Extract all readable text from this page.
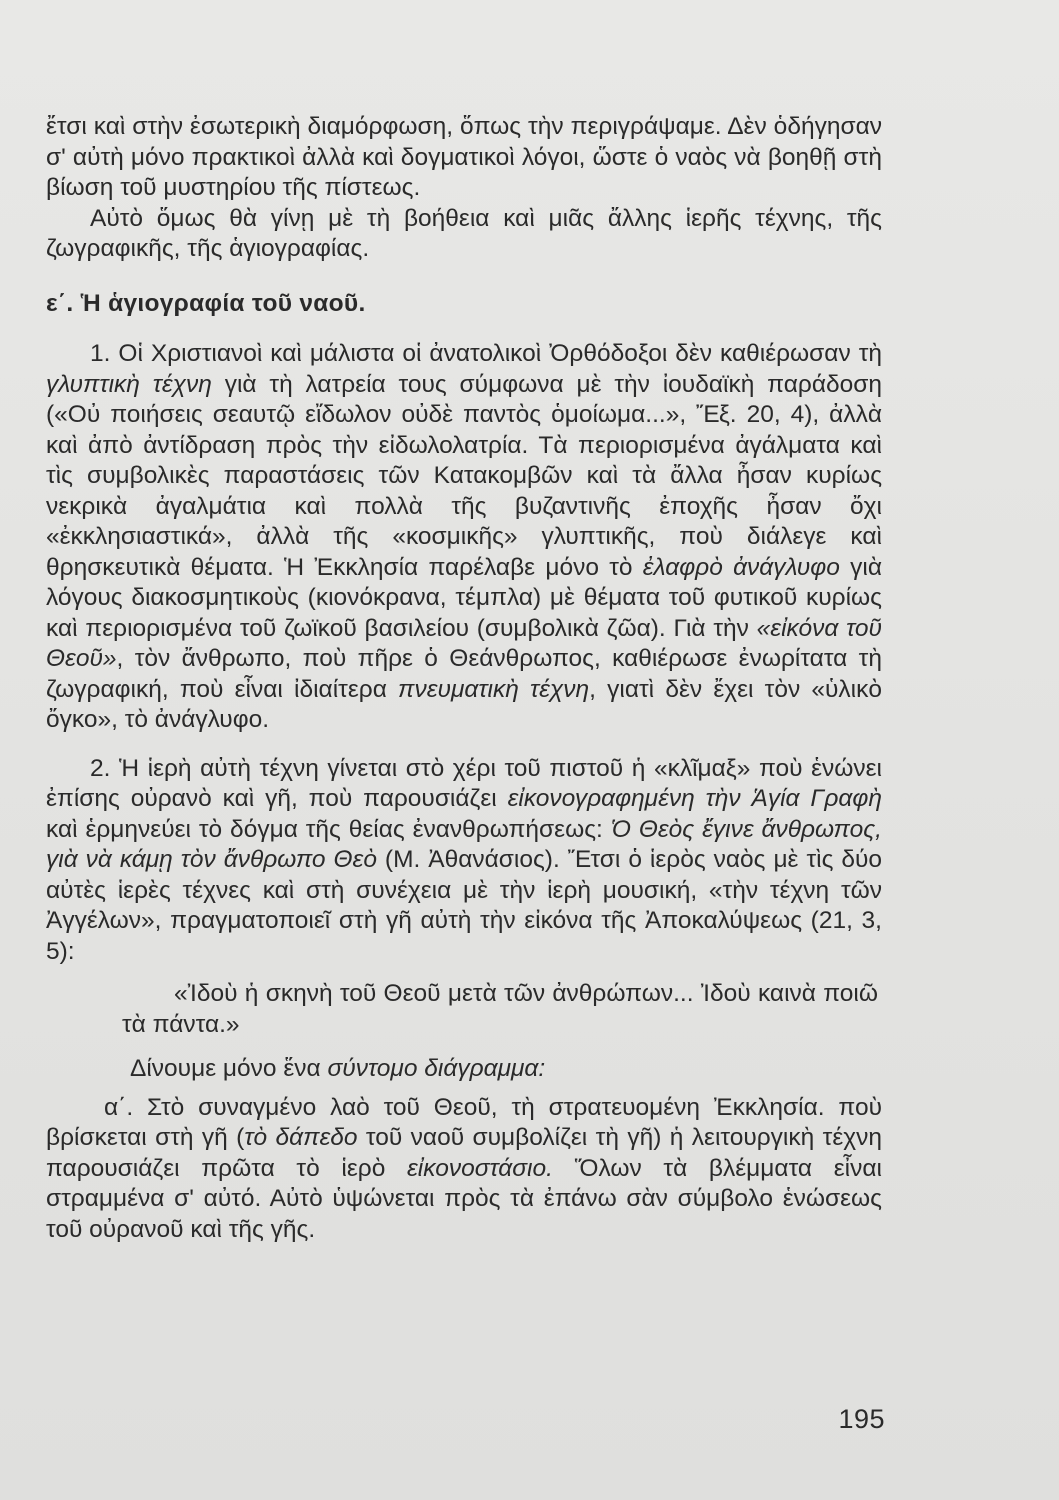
ἔτσι καὶ στὴν ἐσωτερικὴ διαμόρφωση, ὅπως τὴν περιγράψαμε. Δὲν ὁδήγησαν σ' αὐτὴ μόνο πρακτικοὶ ἀλλὰ καὶ δογματικοὶ λόγοι, ὥστε ὁ ναὸς νὰ βοηθῇ στὴ βίωση τοῦ μυστηρίου τῆς πίστεως.

Αὐτὸ ὅμως θὰ γίνῃ μὲ τὴ βοήθεια καὶ μιᾶς ἄλλης ἱερῆς τέχνης, τῆς ζωγραφικῆς, τῆς ἁγιογραφίας.

ε΄. Ἡ ἁγιογραφία τοῦ ναοῦ.

1. Οἱ Χριστιανοὶ καὶ μάλιστα οἱ ἀνατολικοὶ Ὀρθόδοξοι δὲν καθιέρωσαν τὴ γλυπτικὴ τέχνη γιὰ τὴ λατρεία τους σύμφωνα μὲ τὴν ἰουδαϊκὴ παράδοση («Οὐ ποιήσεις σεαυτῷ εἴδωλον οὐδὲ παντὸς ὁμοίωμα...», Ἔξ. 20, 4), ἀλλὰ καὶ ἀπὸ ἀντίδραση πρὸς τὴν εἰδωλολατρία. Τὰ περιορισμένα ἀγάλματα καὶ τὶς συμβολικὲς παραστάσεις τῶν Κατακομβῶν καὶ τὰ ἄλλα ἦσαν κυρίως νεκρικὰ ἀγαλμάτια καὶ πολλὰ τῆς βυζαντινῆς ἐποχῆς ἦσαν ὄχι «ἐκκλησιαστικά», ἀλλὰ τῆς «κοσμικῆς» γλυπτικῆς, ποὺ διάλεγε καὶ θρησκευτικὰ θέματα. Ἡ Ἐκκλησία παρέλαβε μόνο τὸ ἐλαφρὸ ἀνάγλυφο γιὰ λόγους διακοσμητικοὺς (κιονόκρανα, τέμπλα) μὲ θέματα τοῦ φυτικοῦ κυρίως καὶ περιορισμένα τοῦ ζωϊκοῦ βασιλείου (συμβολικὰ ζῶα). Γιὰ τὴν «εἰκόνα τοῦ Θεοῦ», τὸν ἄνθρωπο, ποὺ πῆρε ὁ Θεάνθρωπος, καθιέρωσε ἐνωρίτατα τὴ ζωγραφική, ποὺ εἶναι ἰδιαίτερα πνευματικὴ τέχνη, γιατὶ δὲν ἔχει τὸν «ὑλικὸ ὄγκο», τὸ ἀνάγλυφο.

2. Ἡ ἱερὴ αὐτὴ τέχνη γίνεται στὸ χέρι τοῦ πιστοῦ ἡ «κλῖμαξ» ποὺ ἑνώνει ἐπίσης οὐρανὸ καὶ γῆ, ποὺ παρουσιάζει εἰκονογραφημένη τὴν Ἁγία Γραφὴ καὶ ἑρμηνεύει τὸ δόγμα τῆς θείας ἐνανθρωπήσεως: Ὁ Θεὸς ἔγινε ἄνθρωπος, γιὰ νὰ κάμῃ τὸν ἄνθρωπο Θεὸ (Μ. Ἀθανάσιος). Ἔτσι ὁ ἱερὸς ναὸς μὲ τὶς δύο αὐτὲς ἱερὲς τέχνες καὶ στὴ συνέχεια μὲ τὴν ἱερὴ μουσική, «τὴν τέχνη τῶν Ἀγγέλων», πραγματοποιεῖ στὴ γῆ αὐτὴ τὴν εἰκόνα τῆς Ἀποκαλύψεως (21, 3, 5):

«Ἰδοὺ ἡ σκηνὴ τοῦ Θεοῦ μετὰ τῶν ἀνθρώπων... Ἰδοὺ καινὰ ποιῶ τὰ πάντα.»

Δίνουμε μόνο ἕνα σύντομο διάγραμμα:

α΄. Στὸ συναγμένο λαὸ τοῦ Θεοῦ, τὴ στρατευομένη Ἐκκλησία. ποὺ βρίσκεται στὴ γῆ (τὸ δάπεδο τοῦ ναοῦ συμβολίζει τὴ γῆ) ἡ λειτουργικὴ τέχνη παρουσιάζει πρῶτα τὸ ἱερὸ εἰκονοστάσιο. Ὅλων τὰ βλέμματα εἶναι στραμμένα σ' αὐτό. Αὐτὸ ὑψώνεται πρὸς τὰ ἐπάνω σὰν σύμβολο ἑνώσεως τοῦ οὐρανοῦ καὶ τῆς γῆς.

195
